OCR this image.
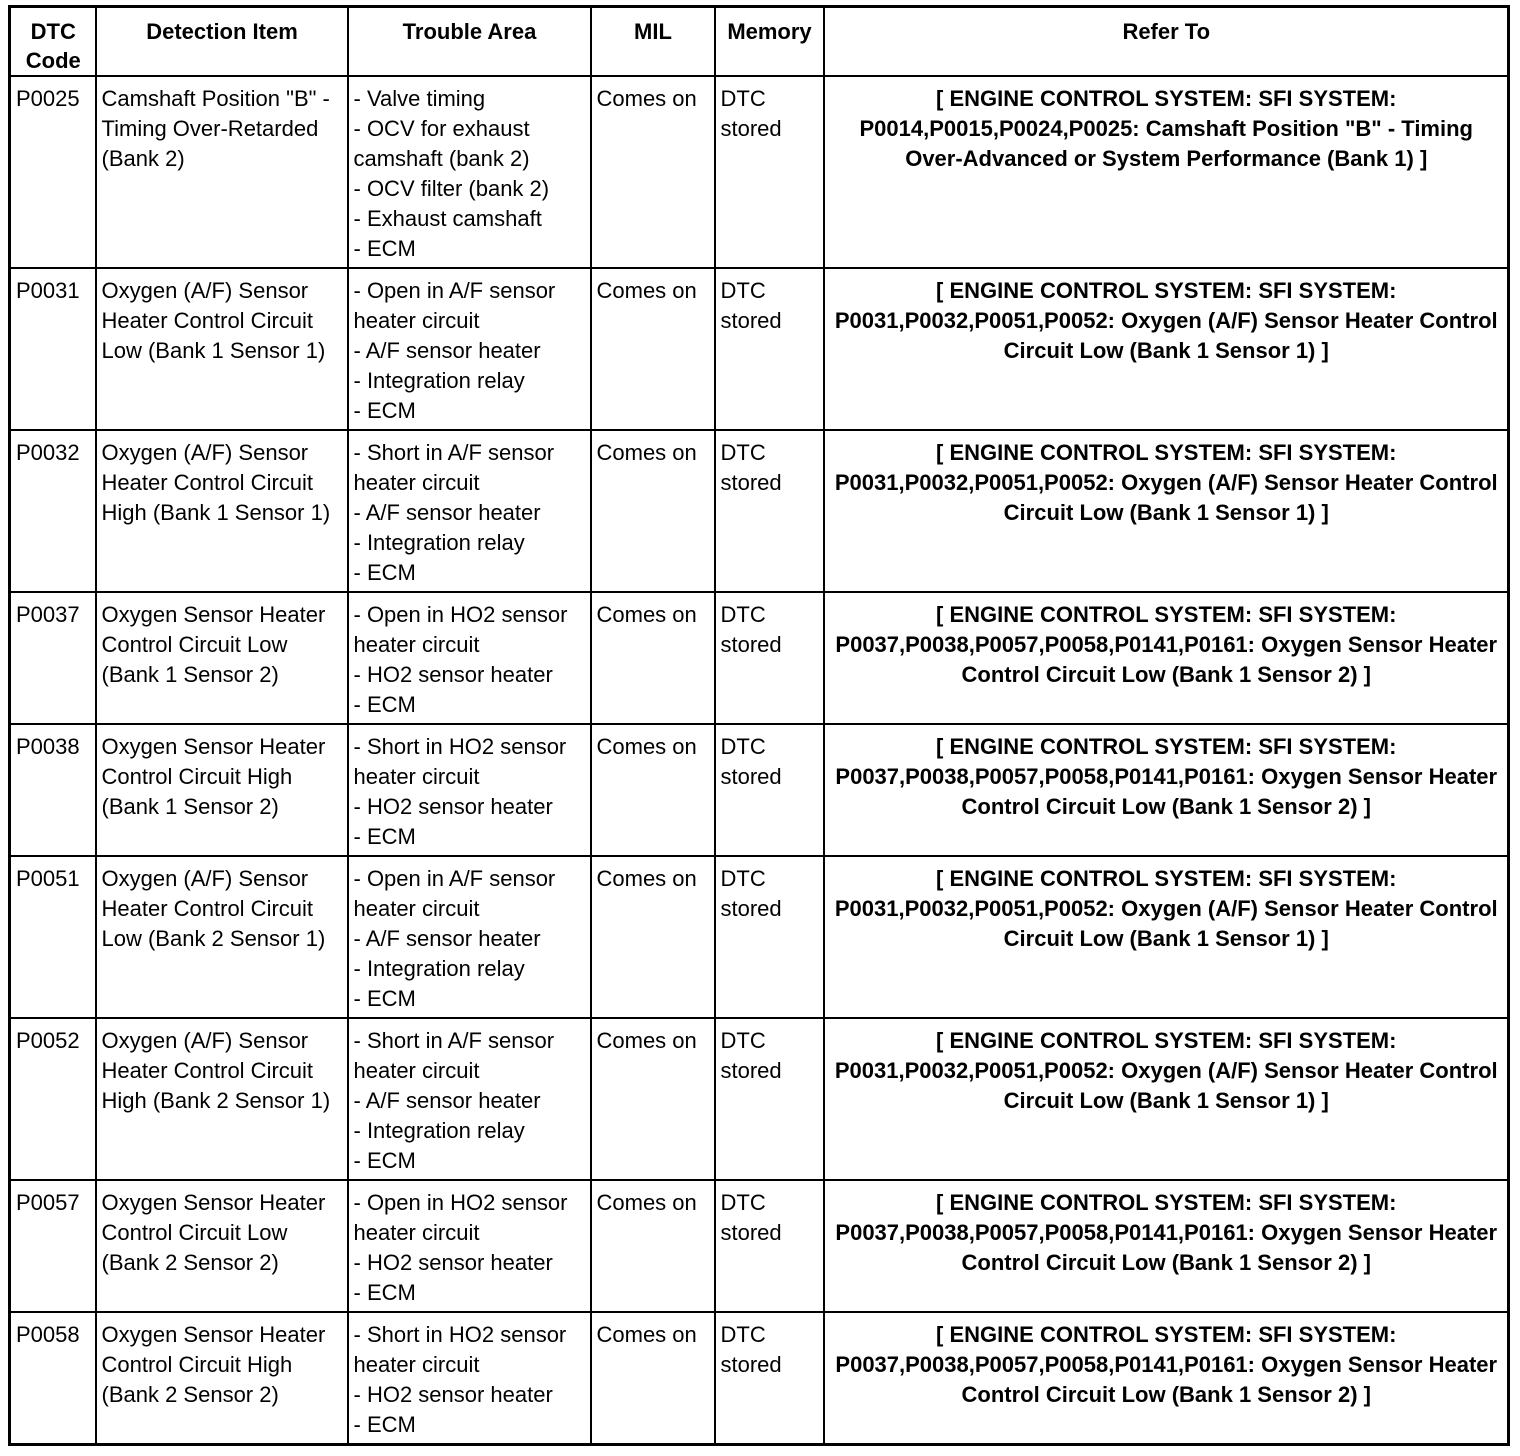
DTC Code	Detection Item	Trouble Area	MIL	Memory	Refer To
P0025	Camshaft Position "B" - Timing Over-Retarded (Bank 2)	- Valve timing
- OCV for exhaust camshaft (bank 2)
- OCV filter (bank 2)
- Exhaust camshaft
- ECM	Comes on	DTC stored	[ ENGINE CONTROL SYSTEM: SFI SYSTEM: P0014,P0015,P0024,P0025: Camshaft Position "B" - Timing Over-Advanced or System Performance (Bank 1) ]
P0031	Oxygen (A/F) Sensor Heater Control Circuit Low (Bank 1 Sensor 1)	- Open in A/F sensor heater circuit
- A/F sensor heater
- Integration relay
- ECM	Comes on	DTC stored	[ ENGINE CONTROL SYSTEM: SFI SYSTEM: P0031,P0032,P0051,P0052: Oxygen (A/F) Sensor Heater Control Circuit Low (Bank 1 Sensor 1) ]
P0032	Oxygen (A/F) Sensor Heater Control Circuit High (Bank 1 Sensor 1)	- Short in A/F sensor heater circuit
- A/F sensor heater
- Integration relay
- ECM	Comes on	DTC stored	[ ENGINE CONTROL SYSTEM: SFI SYSTEM: P0031,P0032,P0051,P0052: Oxygen (A/F) Sensor Heater Control Circuit Low (Bank 1 Sensor 1) ]
P0037	Oxygen Sensor Heater Control Circuit Low (Bank 1 Sensor 2)	- Open in HO2 sensor heater circuit
- HO2 sensor heater
- ECM	Comes on	DTC stored	[ ENGINE CONTROL SYSTEM: SFI SYSTEM: P0037,P0038,P0057,P0058,P0141,P0161: Oxygen Sensor Heater Control Circuit Low (Bank 1 Sensor 2) ]
P0038	Oxygen Sensor Heater Control Circuit High (Bank 1 Sensor 2)	- Short in HO2 sensor heater circuit
- HO2 sensor heater
- ECM	Comes on	DTC stored	[ ENGINE CONTROL SYSTEM: SFI SYSTEM: P0037,P0038,P0057,P0058,P0141,P0161: Oxygen Sensor Heater Control Circuit Low (Bank 1 Sensor 2) ]
P0051	Oxygen (A/F) Sensor Heater Control Circuit Low (Bank 2 Sensor 1)	- Open in A/F sensor heater circuit
- A/F sensor heater
- Integration relay
- ECM	Comes on	DTC stored	[ ENGINE CONTROL SYSTEM: SFI SYSTEM: P0031,P0032,P0051,P0052: Oxygen (A/F) Sensor Heater Control Circuit Low (Bank 1 Sensor 1) ]
P0052	Oxygen (A/F) Sensor Heater Control Circuit High (Bank 2 Sensor 1)	- Short in A/F sensor heater circuit
- A/F sensor heater
- Integration relay
- ECM	Comes on	DTC stored	[ ENGINE CONTROL SYSTEM: SFI SYSTEM: P0031,P0032,P0051,P0052: Oxygen (A/F) Sensor Heater Control Circuit Low (Bank 1 Sensor 1) ]
P0057	Oxygen Sensor Heater Control Circuit Low (Bank 2 Sensor 2)	- Open in HO2 sensor heater circuit
- HO2 sensor heater
- ECM	Comes on	DTC stored	[ ENGINE CONTROL SYSTEM: SFI SYSTEM: P0037,P0038,P0057,P0058,P0141,P0161: Oxygen Sensor Heater Control Circuit Low (Bank 1 Sensor 2) ]
P0058	Oxygen Sensor Heater Control Circuit High (Bank 2 Sensor 2)	- Short in HO2 sensor heater circuit
- HO2 sensor heater
- ECM	Comes on	DTC stored	[ ENGINE CONTROL SYSTEM: SFI SYSTEM: P0037,P0038,P0057,P0058,P0141,P0161: Oxygen Sensor Heater Control Circuit Low (Bank 1 Sensor 2) ]
